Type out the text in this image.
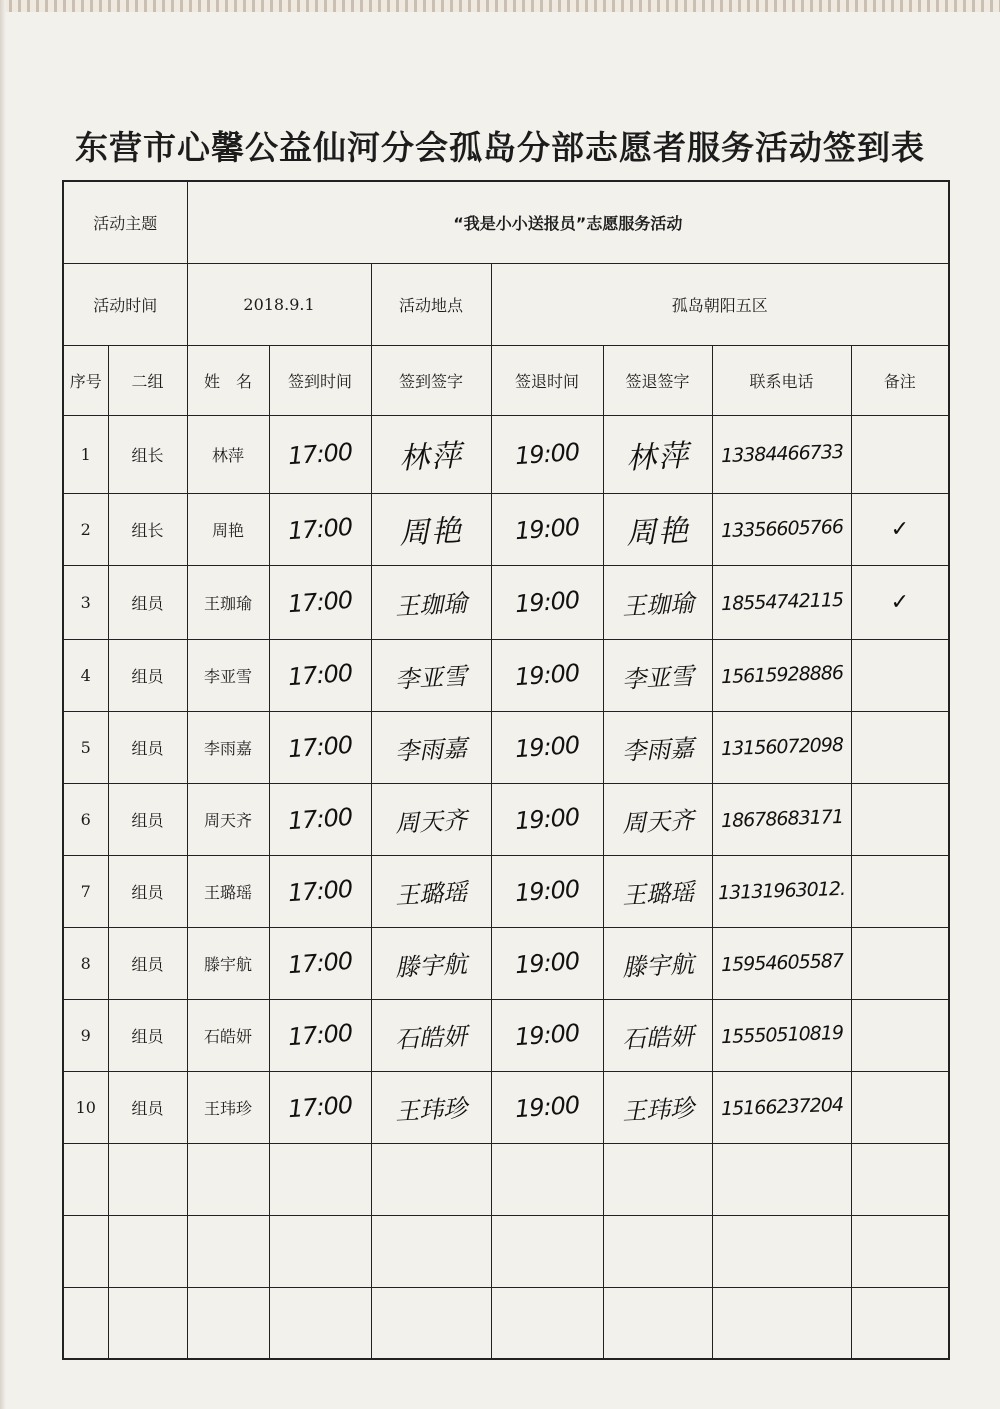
东营市心馨公益仙河分会孤岛分部志愿者服务活动签到表
活动主题		“我是小小送报员”志愿服务活动						
活动时间		2018.9.1		活动地点	孤岛朝阳五区			
序号	二组	姓　名	签到时间	签到签字	签退时间	签退签字	联系电话	备注
1	组长	林萍	17:00	林萍	19:00	林萍	13384466733	
2	组长	周艳	17:00	周艳	19:00	周艳	13356605766	✓
3	组员	王珈瑜	17:00	王珈瑜	19:00	王珈瑜	18554742115	✓
4	组员	李亚雪	17:00	李亚雪	19:00	李亚雪	15615928886	
5	组员	李雨嘉	17:00	李雨嘉	19:00	李雨嘉	13156072098	
6	组员	周天齐	17:00	周天齐	19:00	周天齐	18678683171	
7	组员	王璐瑶	17:00	王璐瑶	19:00	王璐瑶	13131963012.	
8	组员	滕宇航	17:00	滕宇航	19:00	滕宇航	15954605587	
9	组员	石皓妍	17:00	石皓妍	19:00	石皓妍	15550510819	
10	组员	王玮珍	17:00	王玮珍	19:00	王玮珍	15166237204	
